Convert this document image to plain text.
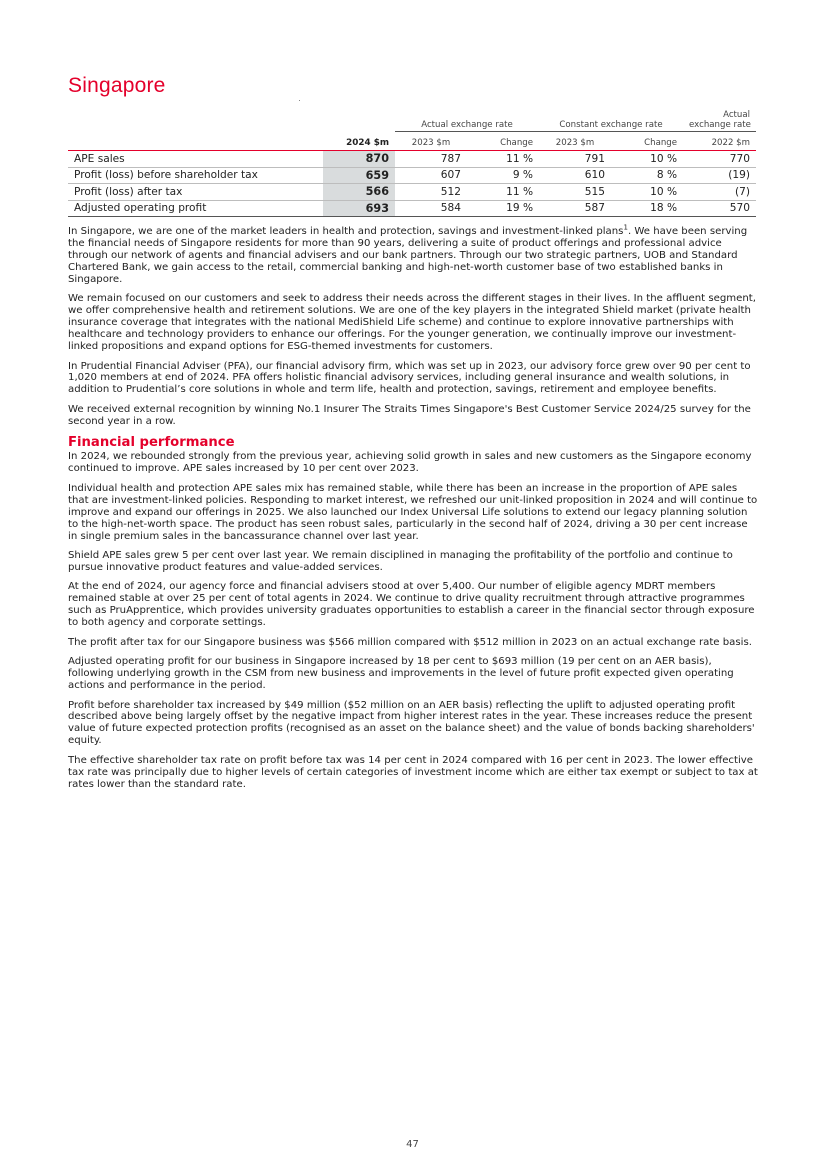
Singapore
		Actual exchange rate		Constant exchange rate		Actual
exchange rate

	2024 $m	2023 $m	Change	2023 $m	Change	2022 $m
APE sales	870	787	11 %	791	10 %	770
Profit (loss) before shareholder tax	659	607	9 %	610	8 %	(19)
Profit (loss) after tax	566	512	11 %	515	10 %	(7)
Adjusted operating profit	693	584	19 %	587	18 %	570

In Singapore, we are one of the market leaders in health and protection, savings and investment-linked plans$^1$. We have been serving the financial needs of Singapore residents for more than 90 years, delivering a suite of product offerings and professional advice through our network of agents and financial advisers and our bank partners. Through our two strategic partners, UOB and Standard Chartered Bank, we gain access to the retail, commercial banking and high-net-worth customer base of two established banks in Singapore.

We remain focused on our customers and seek to address their needs across the different stages in their lives. In the affluent segment, we offer comprehensive health and retirement solutions. We are one of the key players in the integrated Shield market (private health insurance coverage that integrates with the national MediShield Life scheme) and continue to explore innovative partnerships with healthcare and technology providers to enhance our offerings. For the younger generation, we continually improve our investment-linked propositions and expand options for ESG-themed investments for customers.

In Prudential Financial Adviser (PFA), our financial advisory firm, which was set up in 2023, our advisory force grew over 90 per cent to 1,020 members at end of 2024. PFA offers holistic financial advisory services, including general insurance and wealth solutions, in addition to Prudential’s core solutions in whole and term life, health and protection, savings, retirement and employee benefits.

We received external recognition by winning No.1 Insurer The Straits Times Singapore's Best Customer Service 2024/25 survey for the second year in a row.

Financial performance

In 2024, we rebounded strongly from the previous year, achieving solid growth in sales and new customers as the Singapore economy continued to improve. APE sales increased by 10 per cent over 2023.

Individual health and protection APE sales mix has remained stable, while there has been an increase in the proportion of APE sales that are investment-linked policies. Responding to market interest, we refreshed our unit-linked proposition in 2024 and will continue to improve and expand our offerings in 2025. We also launched our Index Universal Life solutions to extend our legacy planning solution to the high-net-worth space. The product has seen robust sales, particularly in the second half of 2024, driving a 30 per cent increase in single premium sales in the bancassurance channel over last year.

Shield APE sales grew 5 per cent over last year. We remain disciplined in managing the profitability of the portfolio and continue to pursue innovative product features and value-added services.

At the end of 2024, our agency force and financial advisers stood at over 5,400. Our number of eligible agency MDRT members remained stable at over 25 per cent of total agents in 2024. We continue to drive quality recruitment through attractive programmes such as PruApprentice, which provides university graduates opportunities to establish a career in the financial sector through exposure to both agency and corporate settings.

The profit after tax for our Singapore business was $566 million compared with $512 million in 2023 on an actual exchange rate basis.

Adjusted operating profit for our business in Singapore increased by 18 per cent to $693 million (19 per cent on an AER basis), following underlying growth in the CSM from new business and improvements in the level of future profit expected given operating actions and performance in the period.

Profit before shareholder tax increased by $49 million ($52 million on an AER basis) reflecting the uplift to adjusted operating profit described above being largely offset by the negative impact from higher interest rates in the year. These increases reduce the present value of future expected protection profits (recognised as an asset on the balance sheet) and the value of bonds backing shareholders' equity.

The effective shareholder tax rate on profit before tax was 14 per cent in 2024 compared with 16 per cent in 2023. The lower effective tax rate was principally due to higher levels of certain categories of investment income which are either tax exempt or subject to tax at rates lower than the standard rate.

47
